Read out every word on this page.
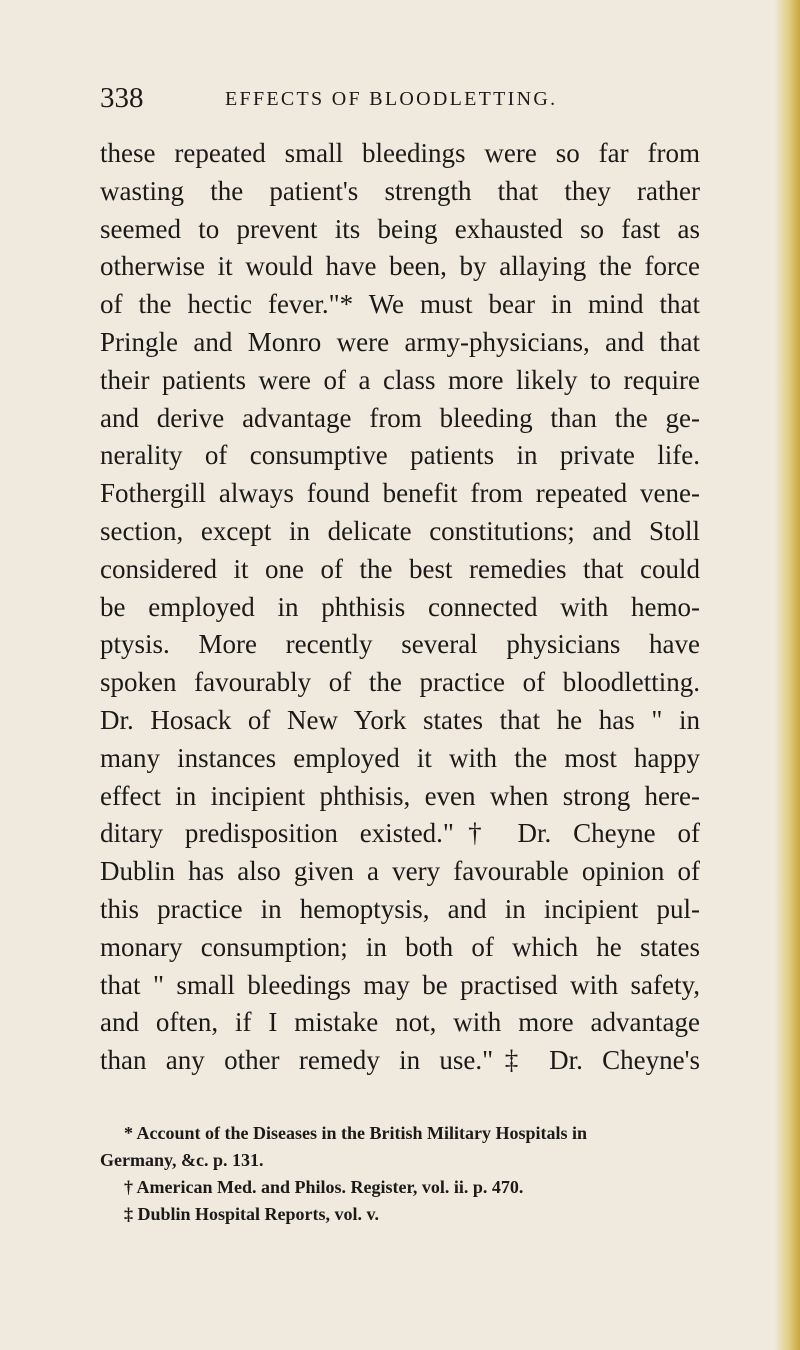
338	EFFECTS OF BLOODLETTING.
these repeated small bleedings were so far from
wasting the patient's strength that they rather
seemed to prevent its being exhausted so fast as
otherwise it would have been, by allaying the force
of the hectic fever."* We must bear in mind that
Pringle and Monro were army-physicians, and that
their patients were of a class more likely to require
and derive advantage from bleeding than the ge-
nerality of consumptive patients in private life.
Fothergill always found benefit from repeated vene-
section, except in delicate constitutions; and Stoll
considered it one of the best remedies that could
be employed in phthisis connected with hemo-
ptysis. More recently several physicians have
spoken favourably of the practice of bloodletting.
Dr. Hosack of New York states that he has " in
many instances employed it with the most happy
effect in incipient phthisis, even when strong here-
ditary predisposition existed."† Dr. Cheyne of
Dublin has also given a very favourable opinion of
this practice in hemoptysis, and in incipient pul-
monary consumption; in both of which he states
that " small bleedings may be practised with safety,
and often, if I mistake not, with more advantage
than any other remedy in use."‡ Dr. Cheyne's
* Account of the Diseases in the British Military Hospitals in
Germany, &c. p. 131.
† American Med. and Philos. Register, vol. ii. p. 470.
‡ Dublin Hospital Reports, vol. v.
